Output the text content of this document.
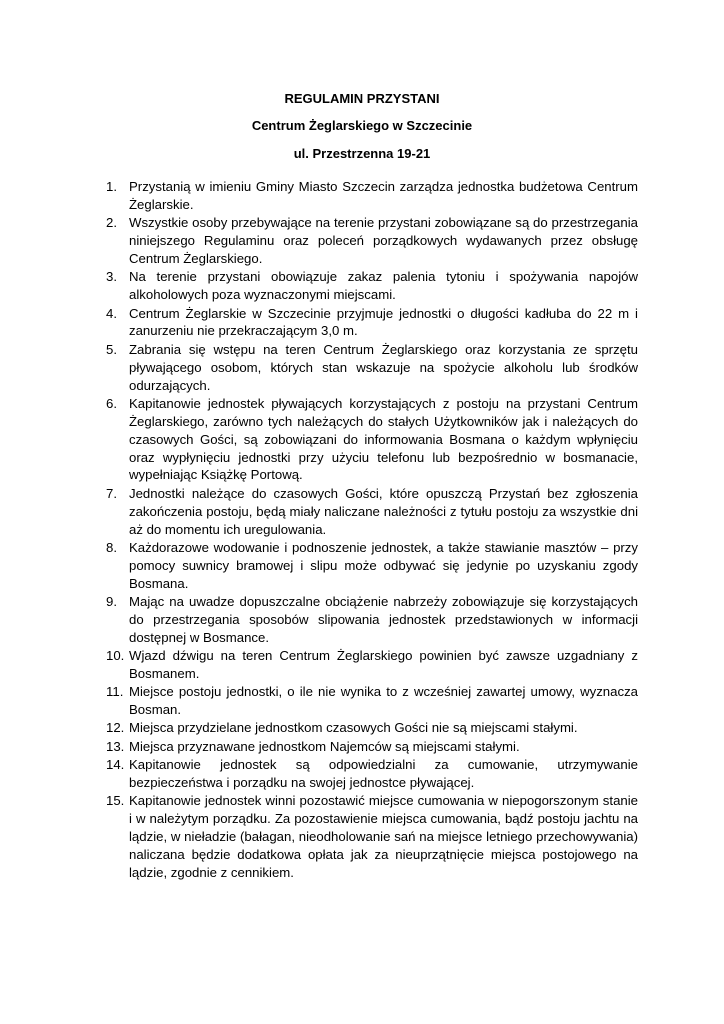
REGULAMIN PRZYSTANI
Centrum Żeglarskiego w Szczecinie
ul. Przestrzenna 19-21
1. Przystanią w imieniu Gminy Miasto Szczecin zarządza jednostka budżetowa Centrum Żeglarskie.
2. Wszystkie osoby przebywające na terenie przystani zobowiązane są do przestrzegania niniejszego Regulaminu oraz poleceń porządkowych wydawanych przez obsługę Centrum Żeglarskiego.
3. Na terenie przystani obowiązuje zakaz palenia tytoniu i spożywania napojów alkoholowych poza wyznaczonymi miejscami.
4. Centrum Żeglarskie w Szczecinie przyjmuje jednostki o długości kadłuba do 22 m i zanurzeniu nie przekraczającym 3,0 m.
5. Zabrania się wstępu na teren Centrum Żeglarskiego oraz korzystania ze sprzętu pływającego osobom, których stan wskazuje na spożycie alkoholu lub środków odurzających.
6. Kapitanowie jednostek pływających korzystających z postoju na przystani Centrum Żeglarskiego, zarówno tych należących do stałych Użytkowników jak i należących do czasowych Gości, są zobowiązani do informowania Bosmana o każdym wpłynięciu oraz wypłynięciu jednostki przy użyciu telefonu lub bezpośrednio w bosmanacie, wypełniając Książkę Portową.
7. Jednostki należące do czasowych Gości, które opuszczą Przystań bez zgłoszenia zakończenia postoju, będą miały naliczane należności z tytułu postoju za wszystkie dni aż do momentu ich uregulowania.
8. Każdorazowe wodowanie i podnoszenie jednostek, a także stawianie masztów – przy pomocy suwnicy bramowej i slipu może odbywać się jedynie po uzyskaniu zgody Bosmana.
9. Mając na uwadze dopuszczalne obciążenie nabrzeży zobowiązuje się korzystających do przestrzegania sposobów slipowania jednostek przedstawionych w informacji dostępnej w Bosmance.
10. Wjazd dźwigu na teren Centrum Żeglarskiego powinien być zawsze uzgadniany z Bosmanem.
11. Miejsce postoju jednostki, o ile nie wynika to z wcześniej zawartej umowy, wyznacza Bosman.
12. Miejsca przydzielane jednostkom czasowych Gości nie są miejscami stałymi.
13. Miejsca przyznawane jednostkom Najemców są miejscami stałymi.
14. Kapitanowie jednostek są odpowiedzialni za cumowanie, utrzymywanie bezpieczeństwa i porządku na swojej jednostce pływającej.
15. Kapitanowie jednostek winni pozostawić miejsce cumowania w niepogorszonym stanie i w należytym porządku. Za pozostawienie miejsca cumowania, bądź postoju jachtu na lądzie, w nieładzie (bałagan, nieodholowanie sań na miejsce letniego przechowywania) naliczana będzie dodatkowa opłata jak za nieuprzątnięcie miejsca postojowego na lądzie, zgodnie z cennikiem.
